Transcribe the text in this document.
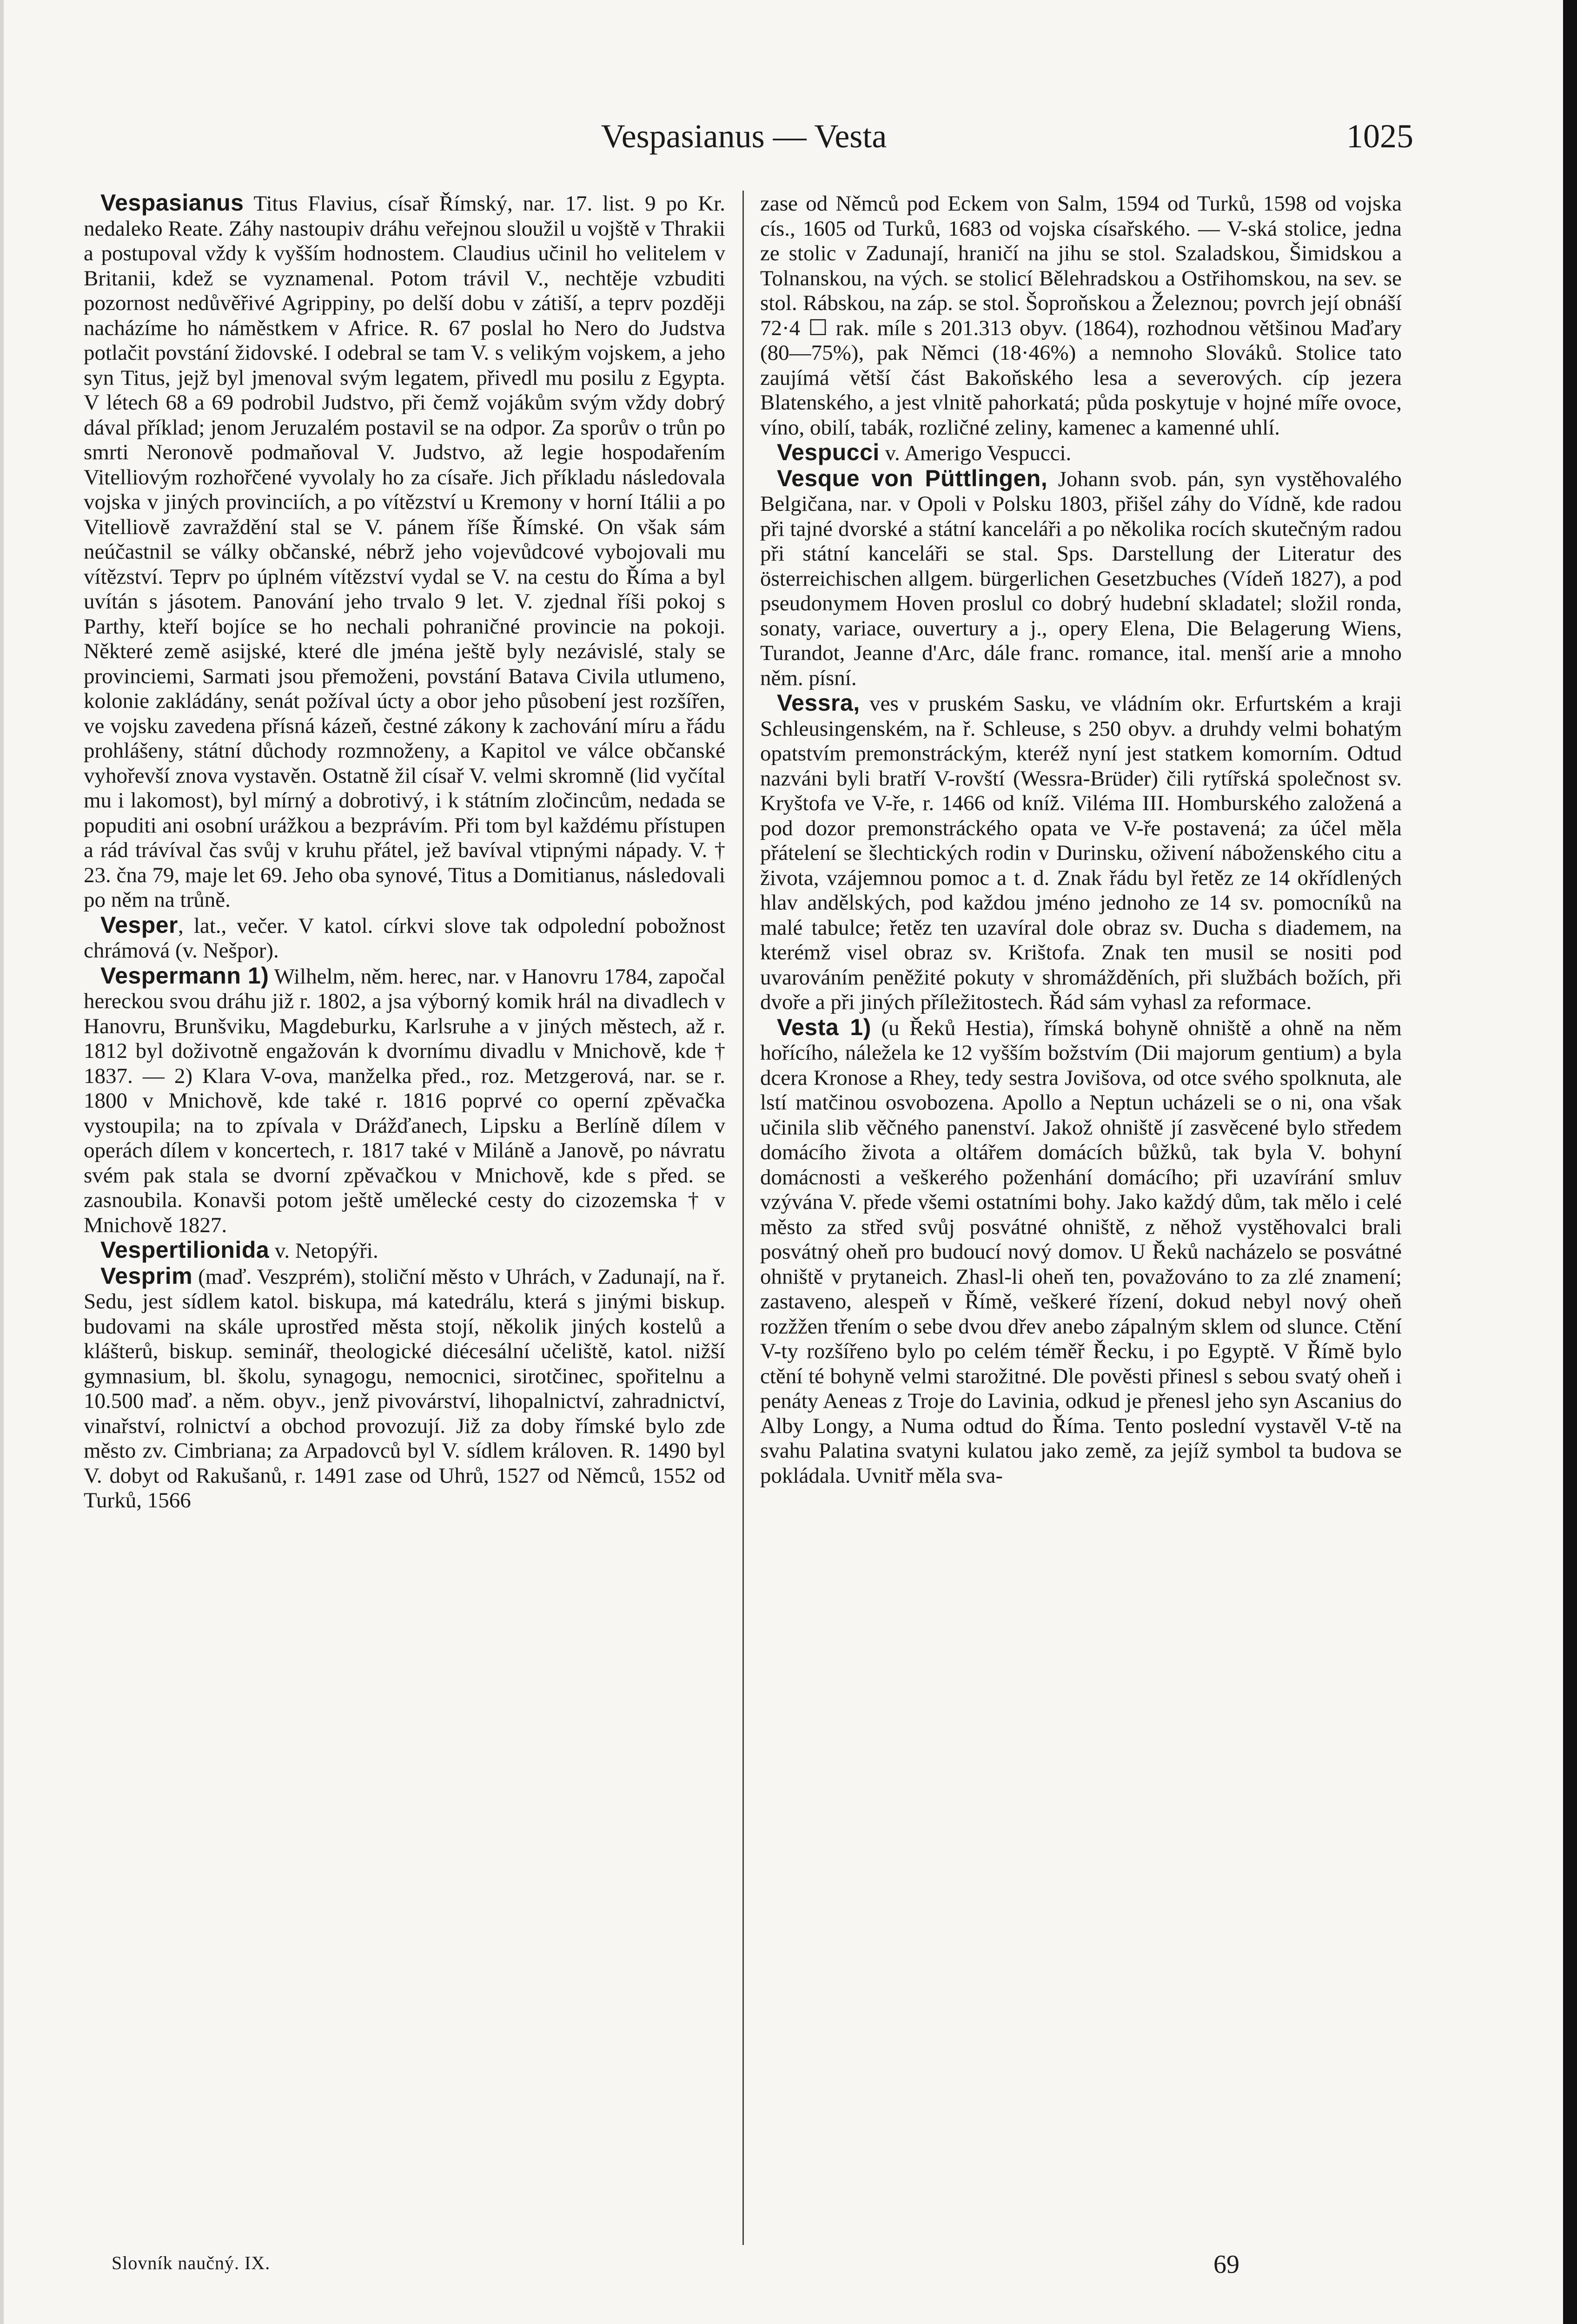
Vespasianus — Vesta	1025

Vespasianus Titus Flavius, císař Římský, nar. 17. list. 9 po Kr. nedaleko Reate. Záhy nastoupiv dráhu veřejnou sloužil u vojště v Thrakii a postupoval vždy k vyšším hodnostem. Claudius učinil ho velitelem v Britanii, kdež se vyznamenal. Potom trávil V., nechtěje vzbuditi pozornost nedůvěřivé Agrippiny, po delší dobu v zátiší, a teprv později nacházíme ho náměstkem v Africe. R. 67 poslal ho Nero do Judstva potlačit povstání židovské. I odebral se tam V. s velikým vojskem, a jeho syn Titus, jejž byl jmenoval svým legatem, přivedl mu posilu z Egypta. V létech 68 a 69 podrobil Judstvo, při čemž vojákům svým vždy dobrý dával příklad; jenom Jeruzalém postavil se na odpor. Za sporův o trůn po smrti Neronově podmaňoval V. Judstvo, až legie hospodařením Vitelliovým rozhořčené vyvolaly ho za císaře. Jich příkladu následovala vojska v jiných provinciích, a po vítězství u Kremony v horní Itálii a po Vitelliově zavraždění stal se V. pánem říše Římské. On však sám neúčastnil se války občanské, nébrž jeho vojevůdcové vybojovali mu vítězství. Teprv po úplném vítězství vydal se V. na cestu do Říma a byl uvítán s jásotem. Panování jeho trvalo 9 let. V. zjednal říši pokoj s Parthy, kteří bojíce se ho nechali pohraničné provincie na pokoji. Některé země asijské, které dle jména ještě byly nezávislé, staly se provinciemi, Sarmati jsou přemoženi, povstání Batava Civila utlumeno, kolonie zakládány, senát požíval úcty a obor jeho působení jest rozšířen, ve vojsku zavedena přísná kázeň, čestné zákony k zachování míru a řádu prohlášeny, státní důchody rozmnoženy, a Kapitol ve válce občanské vyhořevší znova vystavěn. Ostatně žil císař V. velmi skromně (lid vyčítal mu i lakomost), byl mírný a dobrotivý, i k státním zločincům, nedada se popuditi ani osobní urážkou a bezprávím. Při tom byl každému přístupen a rád trávíval čas svůj v kruhu přátel, jež bavíval vtipnými nápady. V. † 23. čna 79, maje let 69. Jeho oba synové, Titus a Domitianus, následovali po něm na trůně.

Vesper, lat., večer. V katol. církvi slove tak odpolední pobožnost chrámová (v. Nešpor).

Vespermann 1) Wilhelm, něm. herec, nar. v Hanovru 1784, započal hereckou svou dráhu již r. 1802, a jsa výborný komik hrál na divadlech v Hanovru, Brunšviku, Magdeburku, Karlsruhe a v jiných městech, až r. 1812 byl doživotně engažován k dvornímu divadlu v Mnichově, kde † 1837. — 2) Klara V-ova, manželka před., roz. Metzgerová, nar. se r. 1800 v Mnichově, kde také r. 1816 poprvé co operní zpěvačka vystoupila; na to zpívala v Drážďanech, Lipsku a Berlíně dílem v operách dílem v koncertech, r. 1817 také v Miláně a Janově, po návratu svém pak stala se dvorní zpěvačkou v Mnichově, kde s před. se zasnoubila. Konavši potom ještě umělecké cesty do cizozemska † v Mnichově 1827.

Vespertilionida v. Netopýři.

Vesprim (maď. Veszprém), stoliční město v Uhrách, v Zadunají, na ř. Sedu, jest sídlem katol. biskupa, má katedrálu, která s jinými biskup. budovami na skále uprostřed města stojí, několik jiných kostelů a klášterů, biskup. seminář, theologické diécesální učeliště, katol. nižší gymnasium, bl. školu, synagogu, nemocnici, sirotčinec, spořitelnu a 10.500 maď. a něm. obyv., jenž pivovárství, lihopalnictví, zahradnictví, vinařství, rolnictví a obchod provozují. Již za doby římské bylo zde město zv. Cimbriana; za Arpadovců byl V. sídlem královen. R. 1490 byl V. dobyt od Rakušanů, r. 1491 zase od Uhrů, 1527 od Němců, 1552 od Turků, 1566

zase od Němců pod Eckem von Salm, 1594 od Turků, 1598 od vojska cís., 1605 od Turků, 1683 od vojska císařského. — V-ská stolice, jedna ze stolic v Zadunají, hraničí na jihu se stol. Szaladskou, Šimidskou a Tolnanskou, na vých. se stolicí Bělehradskou a Ostřihomskou, na sev. se stol. Rábskou, na záp. se stol. Šoproňskou a Železnou; povrch její obnáší 72·4 ☐ rak. míle s 201.313 obyv. (1864), rozhodnou většinou Maďary (80—75%), pak Němci (18·46%) a nemnoho Slováků. Stolice tato zaujímá větší část Bakoňského lesa a severových. cíp jezera Blatenského, a jest vlnitě pahorkatá; půda poskytuje v hojné míře ovoce, víno, obilí, tabák, rozličné zeliny, kamenec a kamenné uhlí.

Vespucci v. Amerigo Vespucci.

Vesque von Püttlingen, Johann svob. pán, syn vystěhovalého Belgičana, nar. v Opoli v Polsku 1803, přišel záhy do Vídně, kde radou při tajné dvorské a státní kanceláři a po několika rocích skutečným radou při státní kanceláři se stal. Sps. Darstellung der Literatur des österreichischen allgem. bürgerlichen Gesetzbuches (Vídeň 1827), a pod pseudonymem Hoven proslul co dobrý hudební skladatel; složil ronda, sonaty, variace, ouvertury a j., opery Elena, Die Belagerung Wiens, Turandot, Jeanne d'Arc, dále franc. romance, ital. menší arie a mnoho něm. písní.

Vessra, ves v pruském Sasku, ve vládním okr. Erfurtském a kraji Schleusingenském, na ř. Schleuse, s 250 obyv. a druhdy velmi bohatým opatstvím premonstráckým, kteréž nyní jest statkem komorním. Odtud nazváni byli bratří V-rovští (Wessra-Brüder) čili rytířská společnost sv. Kryštofa ve V-ře, r. 1466 od kníž. Viléma III. Homburského založená a pod dozor premonstráckého opata ve V-ře postavená; za účel měla přátelení se šlechtických rodin v Durinsku, oživení náboženského citu a života, vzájemnou pomoc a t. d. Znak řádu byl řetěz ze 14 okřídlených hlav andělských, pod každou jméno jednoho ze 14 sv. pomocníků na malé tabulce; řetěz ten uzavíral dole obraz sv. Ducha s diademem, na kterémž visel obraz sv. Krištofa. Znak ten musil se nositi pod uvarováním peněžité pokuty v shromážděních, při službách božích, při dvoře a při jiných příležitostech. Řád sám vyhasl za reformace.

Vesta 1) (u Řeků Hestia), římská bohyně ohniště a ohně na něm hořícího, náleželа ke 12 vyšším božstvím (Dii majorum gentium) a byla dcera Kronose a Rhey, tedy sestra Jovišova, od otce svého spolknuta, ale lstí matčinou osvobozena. Apollo a Neptun ucházeli se o ni, ona však učinila slib věčného panenství. Jakož ohniště jí zasvěcené bylo středem domácího života a oltářem domácích bůžků, tak byla V. bohyní domácnosti a veškerého poženhání domácího; při uzavírání smluv vzývána V. přede všemi ostatními bohy. Jako každý dům, tak mělo i celé město za střed svůj posvátné ohniště, z něhož vystěhovalci brali posvátný oheň pro budoucí nový domov. U Řeků nacházelo se posvátné ohniště v prytaneich. Zhasl-li oheň ten, považováno to za zlé znamení; zastaveno, alespeň v Římě, veškeré řízení, dokud nebyl nový oheň rozžžen třením o sebe dvou dřev anebo zápalným sklem od slunce. Ctění V-ty rozšířeno bylo po celém téměř Řecku, i po Egyptě. V Římě bylo ctění té bohyně velmi starožitné. Dle pověsti přinesl s sebou svatý oheň i penáty Aeneas z Troje do Lavinia, odkud je přenesl jeho syn Ascanius do Alby Longy, a Numa odtud do Říma. Tento poslední vystavěl V-tě na svahu Palatina svatyni kulatou jako země, za jejíž symbol ta budova se pokládala. Uvnitř měla sva-

Slovník naučný. IX.	69
